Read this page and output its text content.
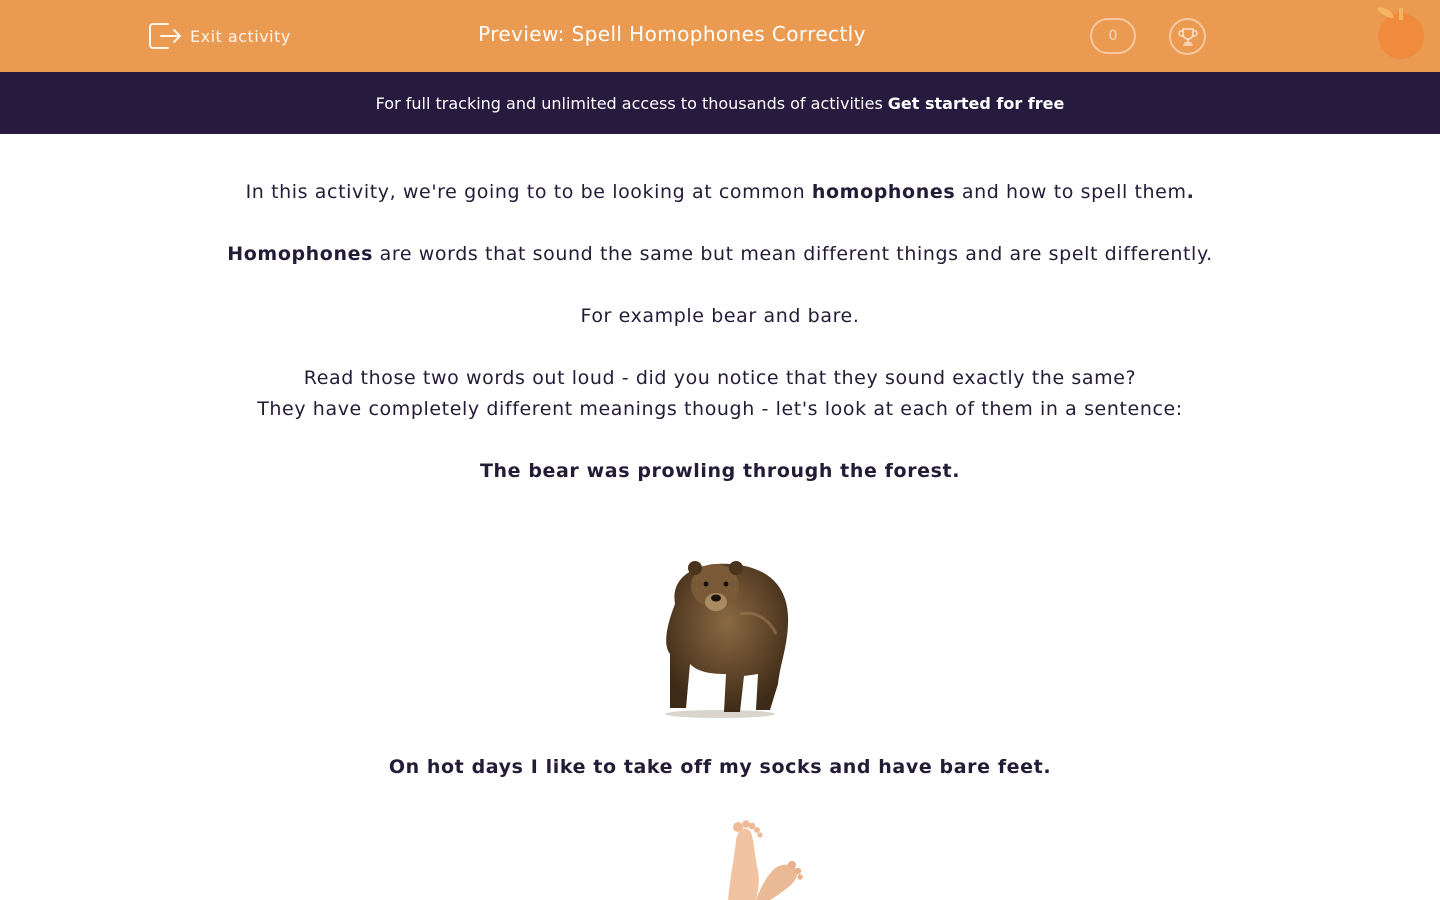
Exit activity	Preview: Spell Homophones Correctly	0
For full tracking and unlimited access to thousands of activities Get started for free
In this activity, we're going to to be looking at common homophones and how to spell them.
Homophones are words that sound the same but mean different things and are spelt differently.
For example bear and bare.
Read those two words out loud - did you notice that they sound exactly the same?
They have completely different meanings though - let's look at each of them in a sentence:
The bear was prowling through the forest.
On hot days I like to take off my socks and have bare feet.
